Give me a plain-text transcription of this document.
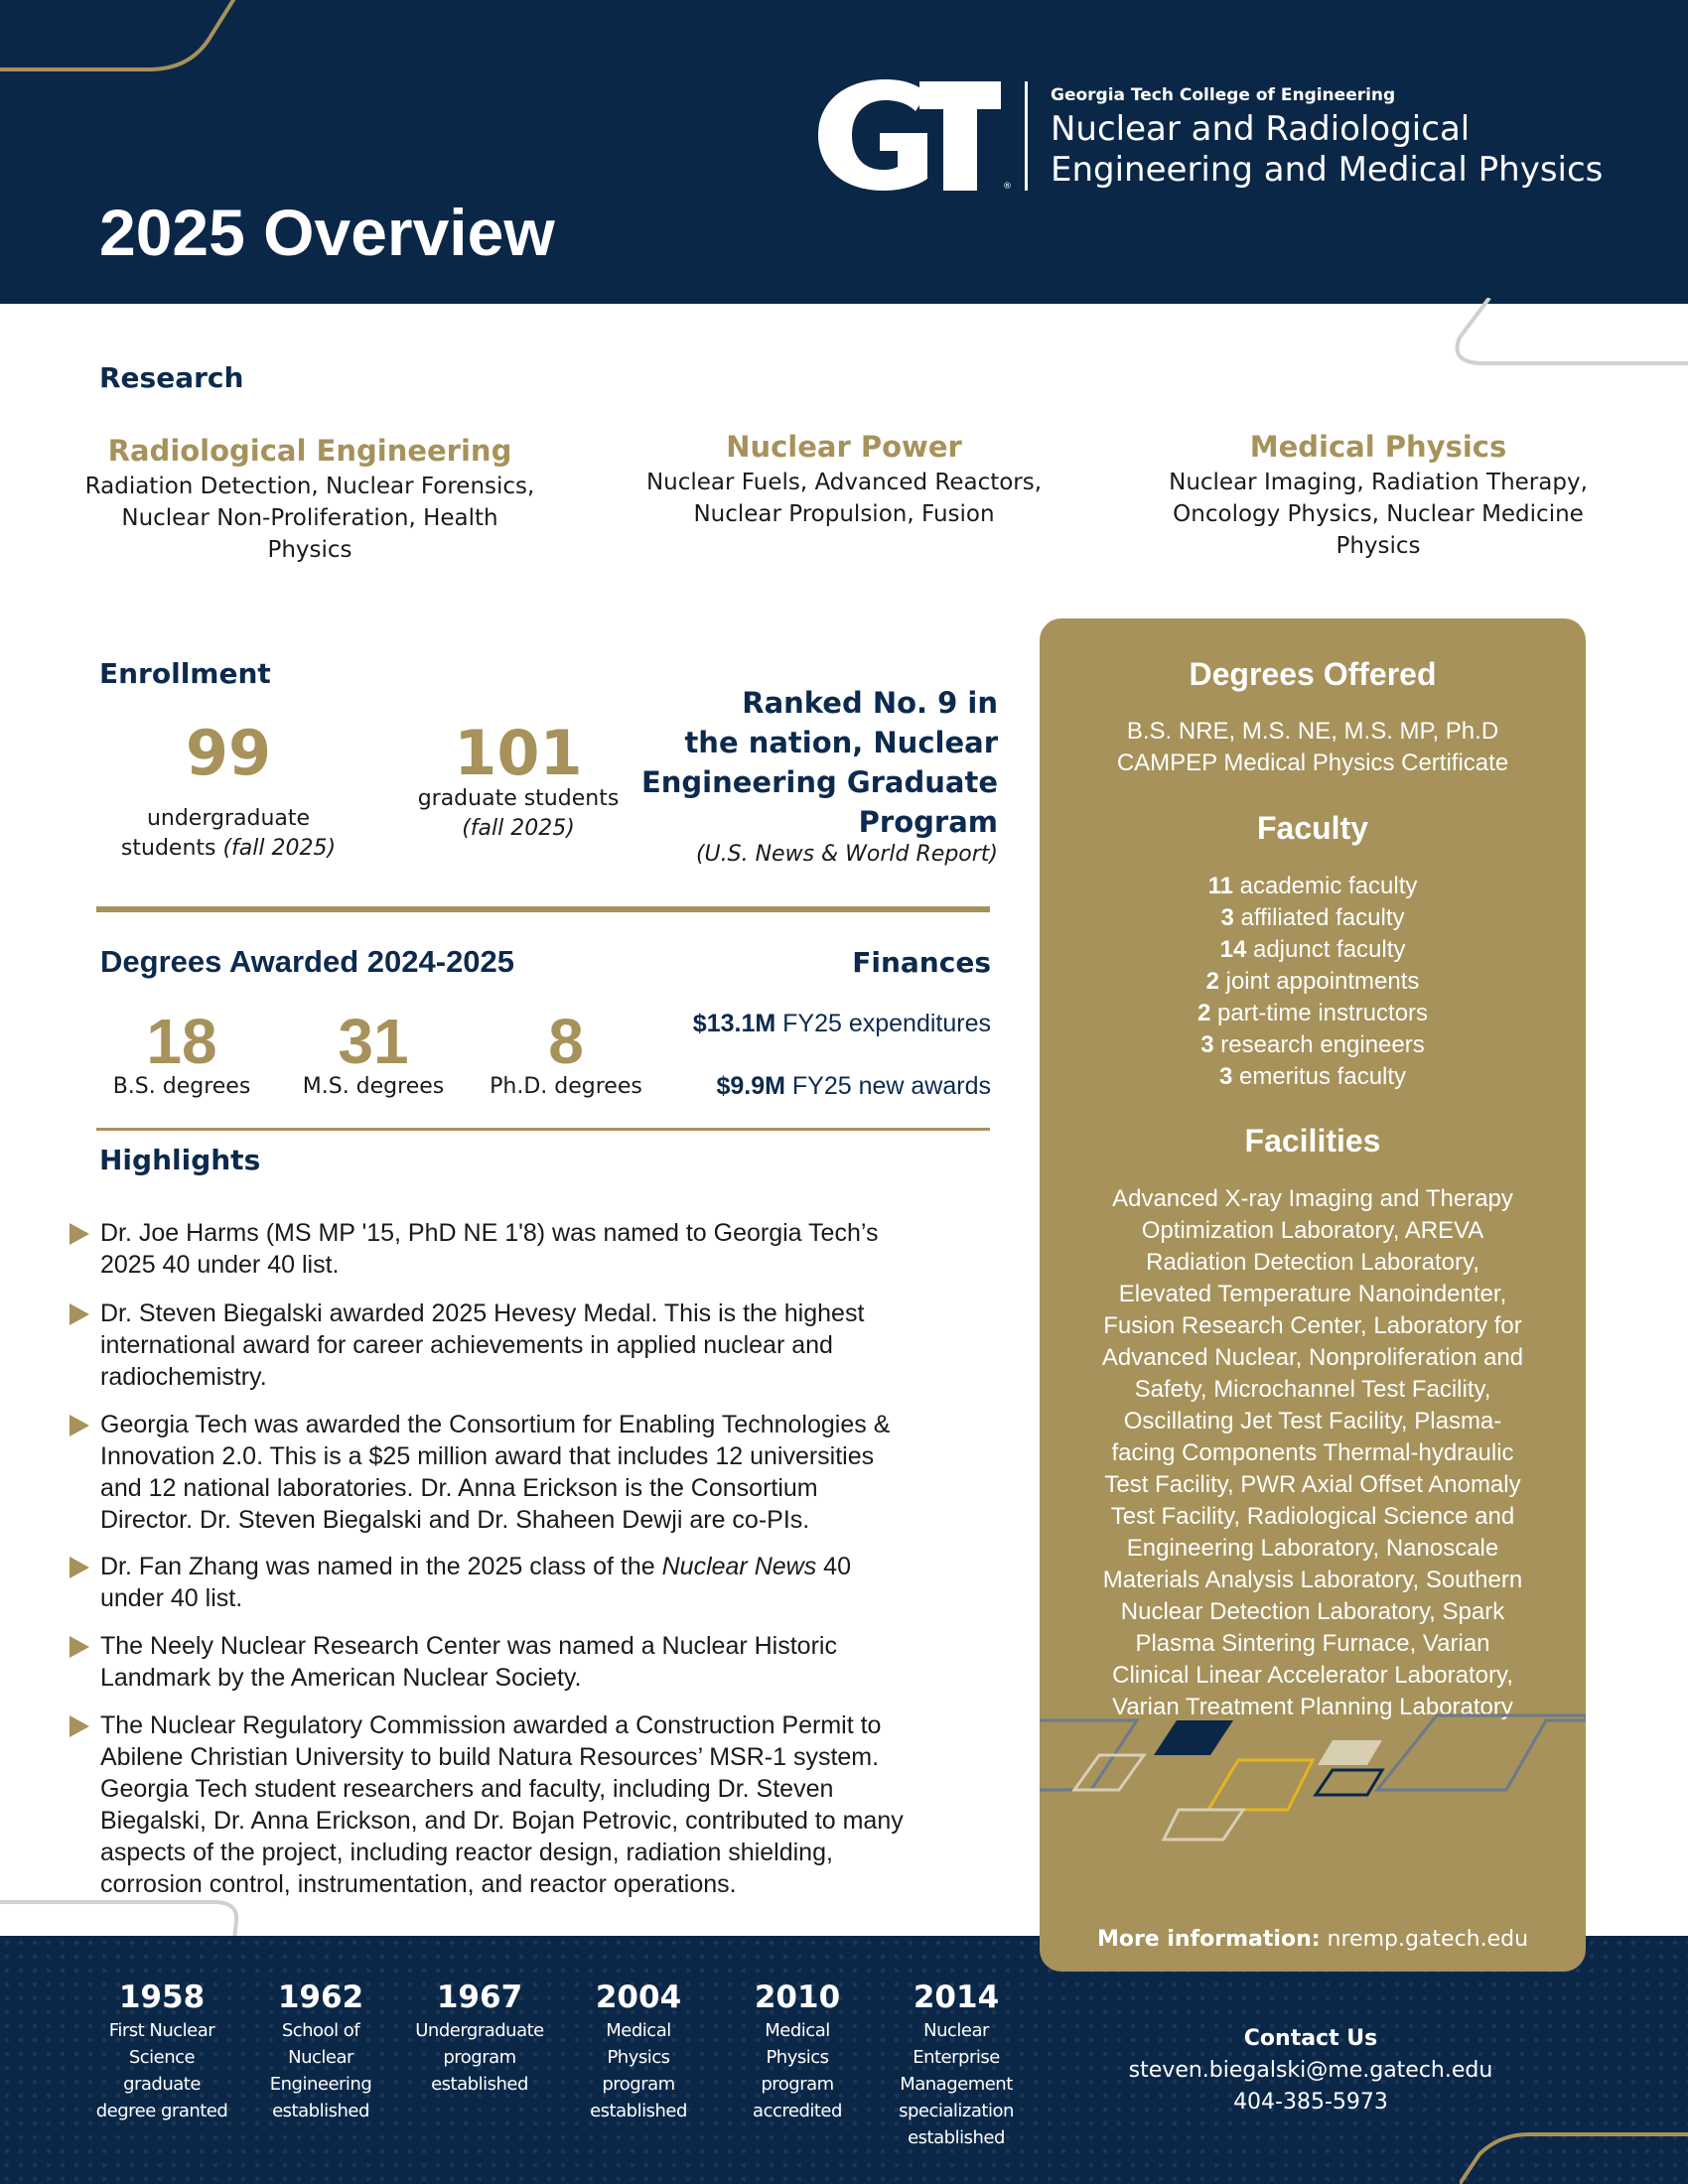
®
Georgia Tech College of Engineering
Nuclear and Radiological
Engineering and Medical Physics
2025 Overview
Research
Radiological Engineering
Radiation Detection, Nuclear Forensics,
Nuclear Non-Proliferation, Health
Physics
Nuclear Power
Nuclear Fuels, Advanced Reactors,
Nuclear Propulsion, Fusion
Medical Physics
Nuclear Imaging, Radiation Therapy,
Oncology Physics, Nuclear Medicine
Physics
Enrollment
99
undergraduate
students (fall 2025)
101
graduate students
(fall 2025)
Ranked No. 9 in
the nation, Nuclear
Engineering Graduate
Program
(U.S. News & World Report)
Degrees Awarded 2024-2025
18
B.S. degrees
31
M.S. degrees
8
Ph.D. degrees
Finances
$13.1M FY25 expenditures
$9.9M FY25 new awards
Highlights
Dr. Joe Harms (MS MP '15, PhD NE 1'8) was named to Georgia Tech’s
2025 40 under 40 list.
Dr. Steven Biegalski awarded 2025 Hevesy Medal. This is the highest
international award for career achievements in applied nuclear and
radiochemistry.
Georgia Tech was awarded the Consortium for Enabling Technologies &
Innovation 2.0. This is a $25 million award that includes 12 universities
and 12 national laboratories. Dr. Anna Erickson is the Consortium
Director. Dr. Steven Biegalski and Dr. Shaheen Dewji are co-PIs.
Dr. Fan Zhang was named in the 2025 class of the Nuclear News 40
under 40 list.
The Neely Nuclear Research Center was named a Nuclear Historic
Landmark by the American Nuclear Society.
The Nuclear Regulatory Commission awarded a Construction Permit to
Abilene Christian University to build Natura Resources’ MSR-1 system.
Georgia Tech student researchers and faculty, including Dr. Steven
Biegalski, Dr. Anna Erickson, and Dr. Bojan Petrovic, contributed to many
aspects of the project, including reactor design, radiation shielding,
corrosion control, instrumentation, and reactor operations.
1958
First Nuclear
Science
graduate
degree granted
1962
School of
Nuclear
Engineering
established
1967
Undergraduate
program
established
2004
Medical
Physics
program
established
2010
Medical
Physics
program
accredited
2014
Nuclear
Enterprise
Management
specialization
established
Contact Us
steven.biegalski@me.gatech.edu
404-385-5973
Degrees Offered
B.S. NRE, M.S. NE, M.S. MP, Ph.D
CAMPEP Medical Physics Certificate
Faculty
11 academic faculty
3 affiliated faculty
14 adjunct faculty
2 joint appointments
2 part-time instructors
3 research engineers
3 emeritus faculty
Facilities
Advanced X-ray Imaging and Therapy
Optimization Laboratory, AREVA
Radiation Detection Laboratory,
Elevated Temperature Nanoindenter,
Fusion Research Center, Laboratory for
Advanced Nuclear, Nonproliferation and
Safety, Microchannel Test Facility,
Oscillating Jet Test Facility, Plasma-
facing Components Thermal-hydraulic
Test Facility, PWR Axial Offset Anomaly
Test Facility, Radiological Science and
Engineering Laboratory, Nanoscale
Materials Analysis Laboratory, Southern
Nuclear Detection Laboratory, Spark
Plasma Sintering Furnace, Varian
Clinical Linear Accelerator Laboratory,
Varian Treatment Planning Laboratory
More information: nremp.gatech.edu
